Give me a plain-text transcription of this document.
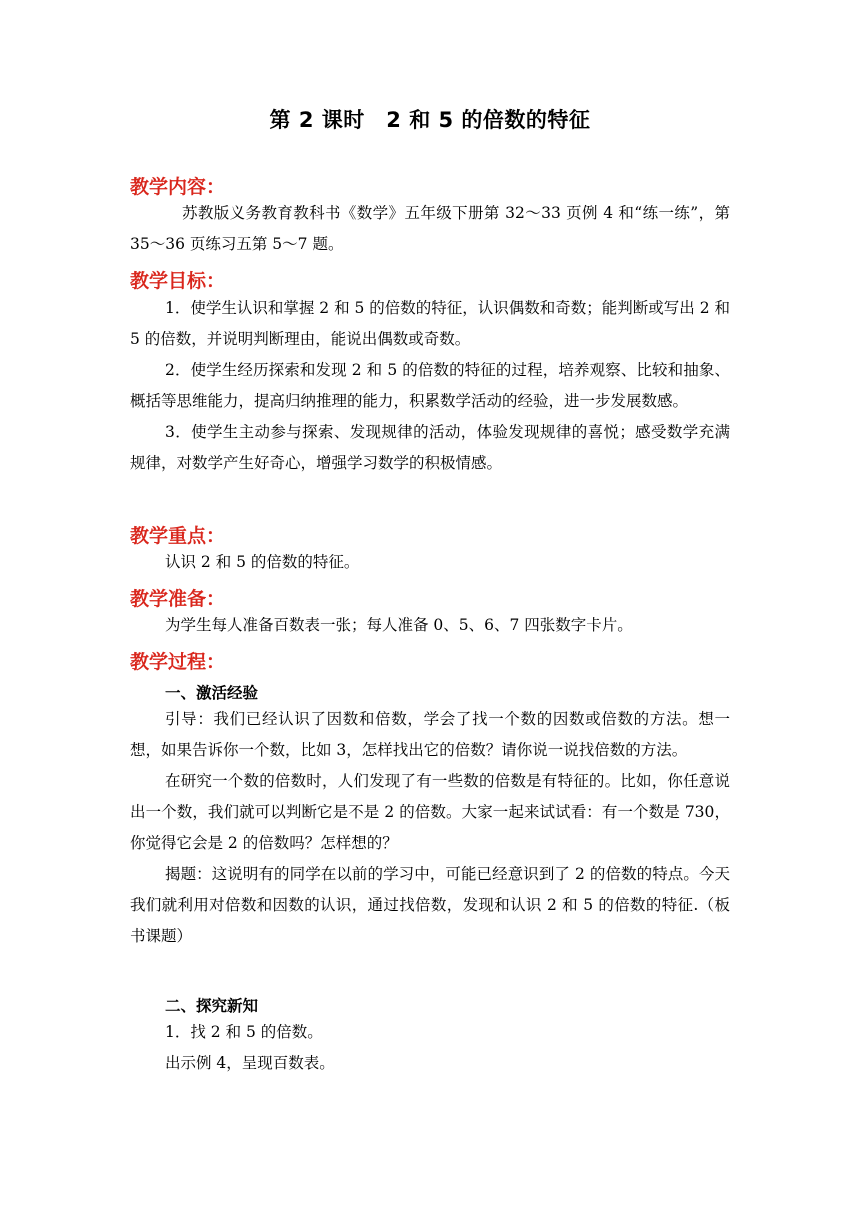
第 2 课时　2 和 5 的倍数的特征
教学内容：

苏教版义务教育教科书《数学》五年级下册第 32～33 页例 4 和“练一练”，第 35～36 页练习五第 5～7 题。

教学目标：

1．使学生认识和掌握 2 和 5 的倍数的特征，认识偶数和奇数；能判断或写出 2 和 5 的倍数，并说明判断理由，能说出偶数或奇数。

2．使学生经历探索和发现 2 和 5 的倍数的特征的过程，培养观察、比较和抽象、概括等思维能力，提高归纳推理的能力，积累数学活动的经验，进一步发展数感。

3．使学生主动参与探索、发现规律的活动，体验发现规律的喜悦；感受数学充满规律，对数学产生好奇心，增强学习数学的积极情感。

教学重点：

认识 2 和 5 的倍数的特征。

教学准备：

为学生每人准备百数表一张；每人准备 0、5、6、7 四张数字卡片。

教学过程：
一、激活经验

引导：我们已经认识了因数和倍数，学会了找一个数的因数或倍数的方法。想一想，如果告诉你一个数，比如 3，怎样找出它的倍数？请你说一说找倍数的方法。

在研究一个数的倍数时，人们发现了有一些数的倍数是有特征的。比如，你任意说出一个数，我们就可以判断它是不是 2 的倍数。大家一起来试试看：有一个数是 730，你觉得它会是 2 的倍数吗？怎样想的？

揭题：这说明有的同学在以前的学习中，可能已经意识到了 2 的倍数的特点。今天我们就利用对倍数和因数的认识，通过找倍数，发现和认识 2 和 5 的倍数的特征.（板书课题）

二、探究新知

1．找 2 和 5 的倍数。

出示例 4，呈现百数表。
